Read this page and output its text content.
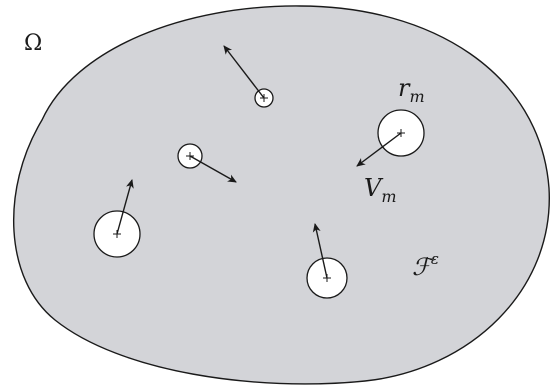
Ω
$r_m$
$V_m$
ℱ$^\varepsilon$
